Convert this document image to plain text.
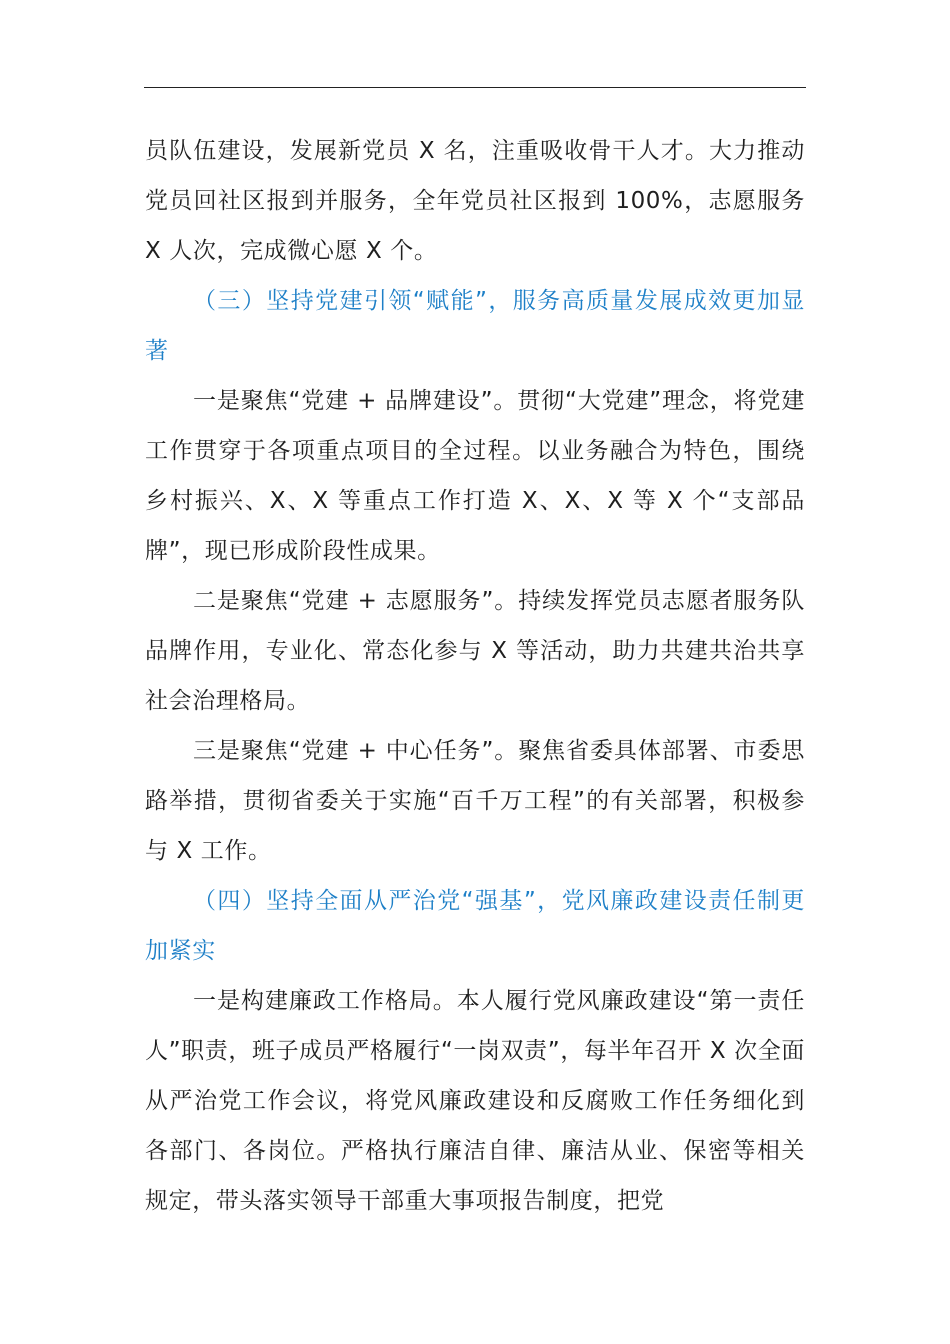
员队伍建设，发展新党员 X 名，注重吸收骨干人才。大力推动党员回社区报到并服务，全年党员社区报到 100%，志愿服务 X 人次，完成微心愿 X 个。

（三）坚持党建引领“赋能”，服务高质量发展成效更加显著

一是聚焦“党建 + 品牌建设”。贯彻“大党建”理念，将党建工作贯穿于各项重点项目的全过程。以业务融合为特色，围绕乡村振兴、X、X 等重点工作打造 X、X、X 等 X 个“支部品牌”，现已形成阶段性成果。

二是聚焦“党建 + 志愿服务”。持续发挥党员志愿者服务队品牌作用，专业化、常态化参与 X 等活动，助力共建共治共享社会治理格局。

三是聚焦“党建 + 中心任务”。聚焦省委具体部署、市委思路举措，贯彻省委关于实施“百千万工程”的有关部署，积极参与 X 工作。

（四）坚持全面从严治党“强基”，党风廉政建设责任制更加紧实

一是构建廉政工作格局。本人履行党风廉政建设“第一责任人”职责，班子成员严格履行“一岗双责”，每半年召开 X 次全面从严治党工作会议，将党风廉政建设和反腐败工作任务细化到各部门、各岗位。严格执行廉洁自律、廉洁从业、保密等相关规定，带头落实领导干部重大事项报告制度，把党
